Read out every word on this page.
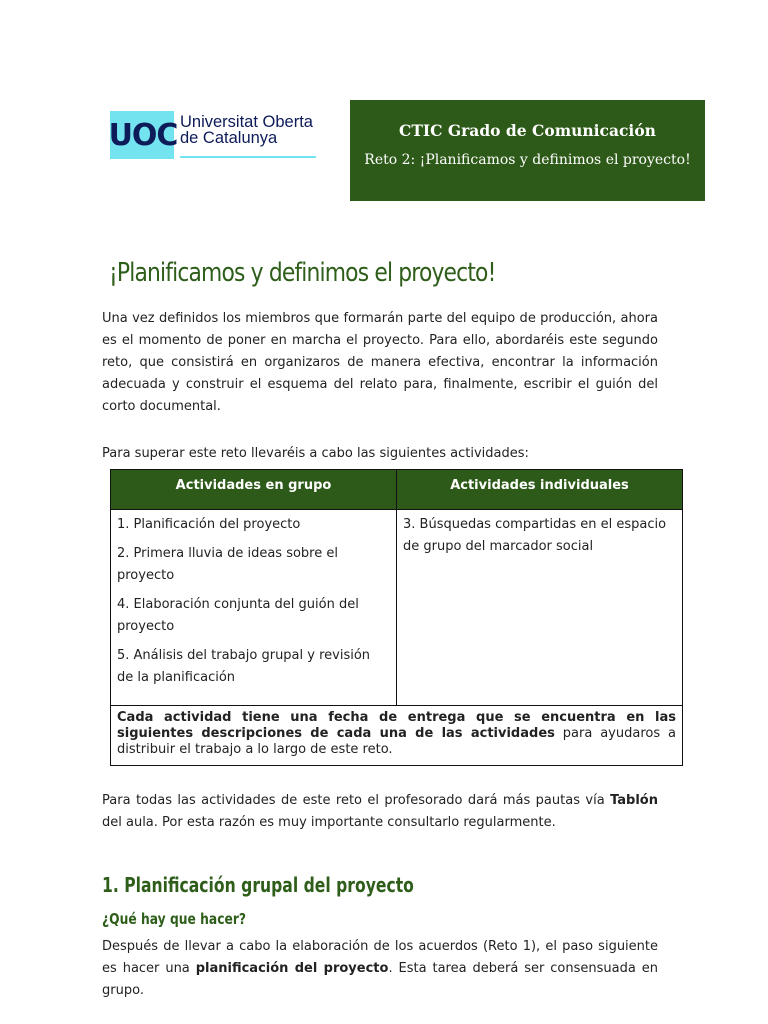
UOC Universitat Oberta
de Catalunya	CTIC Grado de Comunicación
Reto 2: ¡Planificamos y definimos el proyecto!
¡Planificamos y definimos el proyecto!

Una vez definidos los miembros que formarán parte del equipo de producción, ahora es el momento de poner en marcha el proyecto. Para ello, abordaréis este segundo reto, que consistirá en organizaros de manera efectiva, encontrar la información adecuada y construir el esquema del relato para, finalmente, escribir el guión del corto documental.

Para superar este reto llevaréis a cabo las siguientes actividades:

Actividades en grupo	Actividades individuales
1. Planificación del proyecto
2. Primera lluvia de ideas sobre el proyecto
4. Elaboración conjunta del guión del proyecto
5. Análisis del trabajo grupal y revisión de la planificación
3. Búsquedas compartidas en el espacio de grupo del marcador social
Cada actividad tiene una fecha de entrega que se encuentra en las siguientes descripciones de cada una de las actividades para ayudaros a distribuir el trabajo a lo largo de este reto.

Para todas las actividades de este reto el profesorado dará más pautas vía Tablón del aula. Por esta razón es muy importante consultarlo regularmente.

1. Planificación grupal del proyecto
¿Qué hay que hacer?

Después de llevar a cabo la elaboración de los acuerdos (Reto 1), el paso siguiente es hacer una planificación del proyecto. Esta tarea deberá ser consensuada en grupo.
